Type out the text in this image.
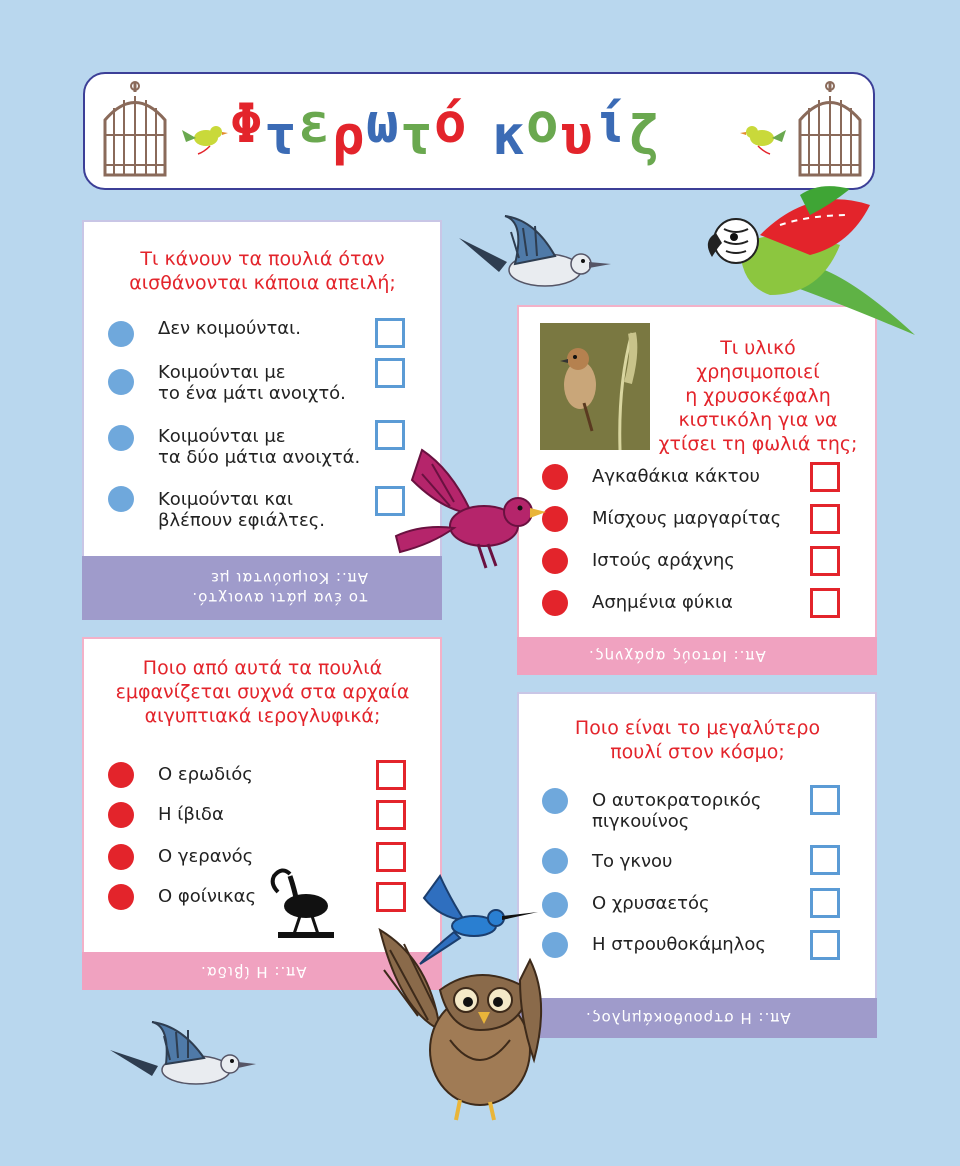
Φ τ ε ρ ω τ ό κ ο υ ί ζ
Τι κάνουν τα πουλιά όταν
αισθάνονται κάποια απειλή;
Δεν κοιμούνται.
Κοιμούνται με
το ένα μάτι ανοιχτό.
Κοιμούνται με
τα δύο μάτια ανοιχτά.
Κοιμούνται και
βλέπουν εφιάλτες.
το ένα μάτι ανοιχτό.
Απ.: Κοιμούνται με
Τι υλικό χρησιμοποιεί
η χρυσοκέφαλη
κιστικόλη για να
χτίσει τη φωλιά της;
Αγκαθάκια κάκτου
Μίσχους μαργαρίτας
Ιστούς αράχνης
Ασημένια φύκια
Απ.: Ιστούς αράχνης.
Ποιο από αυτά τα πουλιά
εμφανίζεται συχνά στα αρχαία
αιγυπτιακά ιερογλυφικά;
Ο ερωδιός
Η ίβιδα
Ο γερανός
Ο φοίνικας
Απ.: Η ίβιδα.
Ποιο είναι το μεγαλύτερο
πουλί στον κόσμο;
Ο αυτοκρατορικός
πιγκουίνος
Το γκνου
Ο χρυσαετός
Η στρουθοκάμηλος
Απ.: Η στρουθοκάμηλος.
